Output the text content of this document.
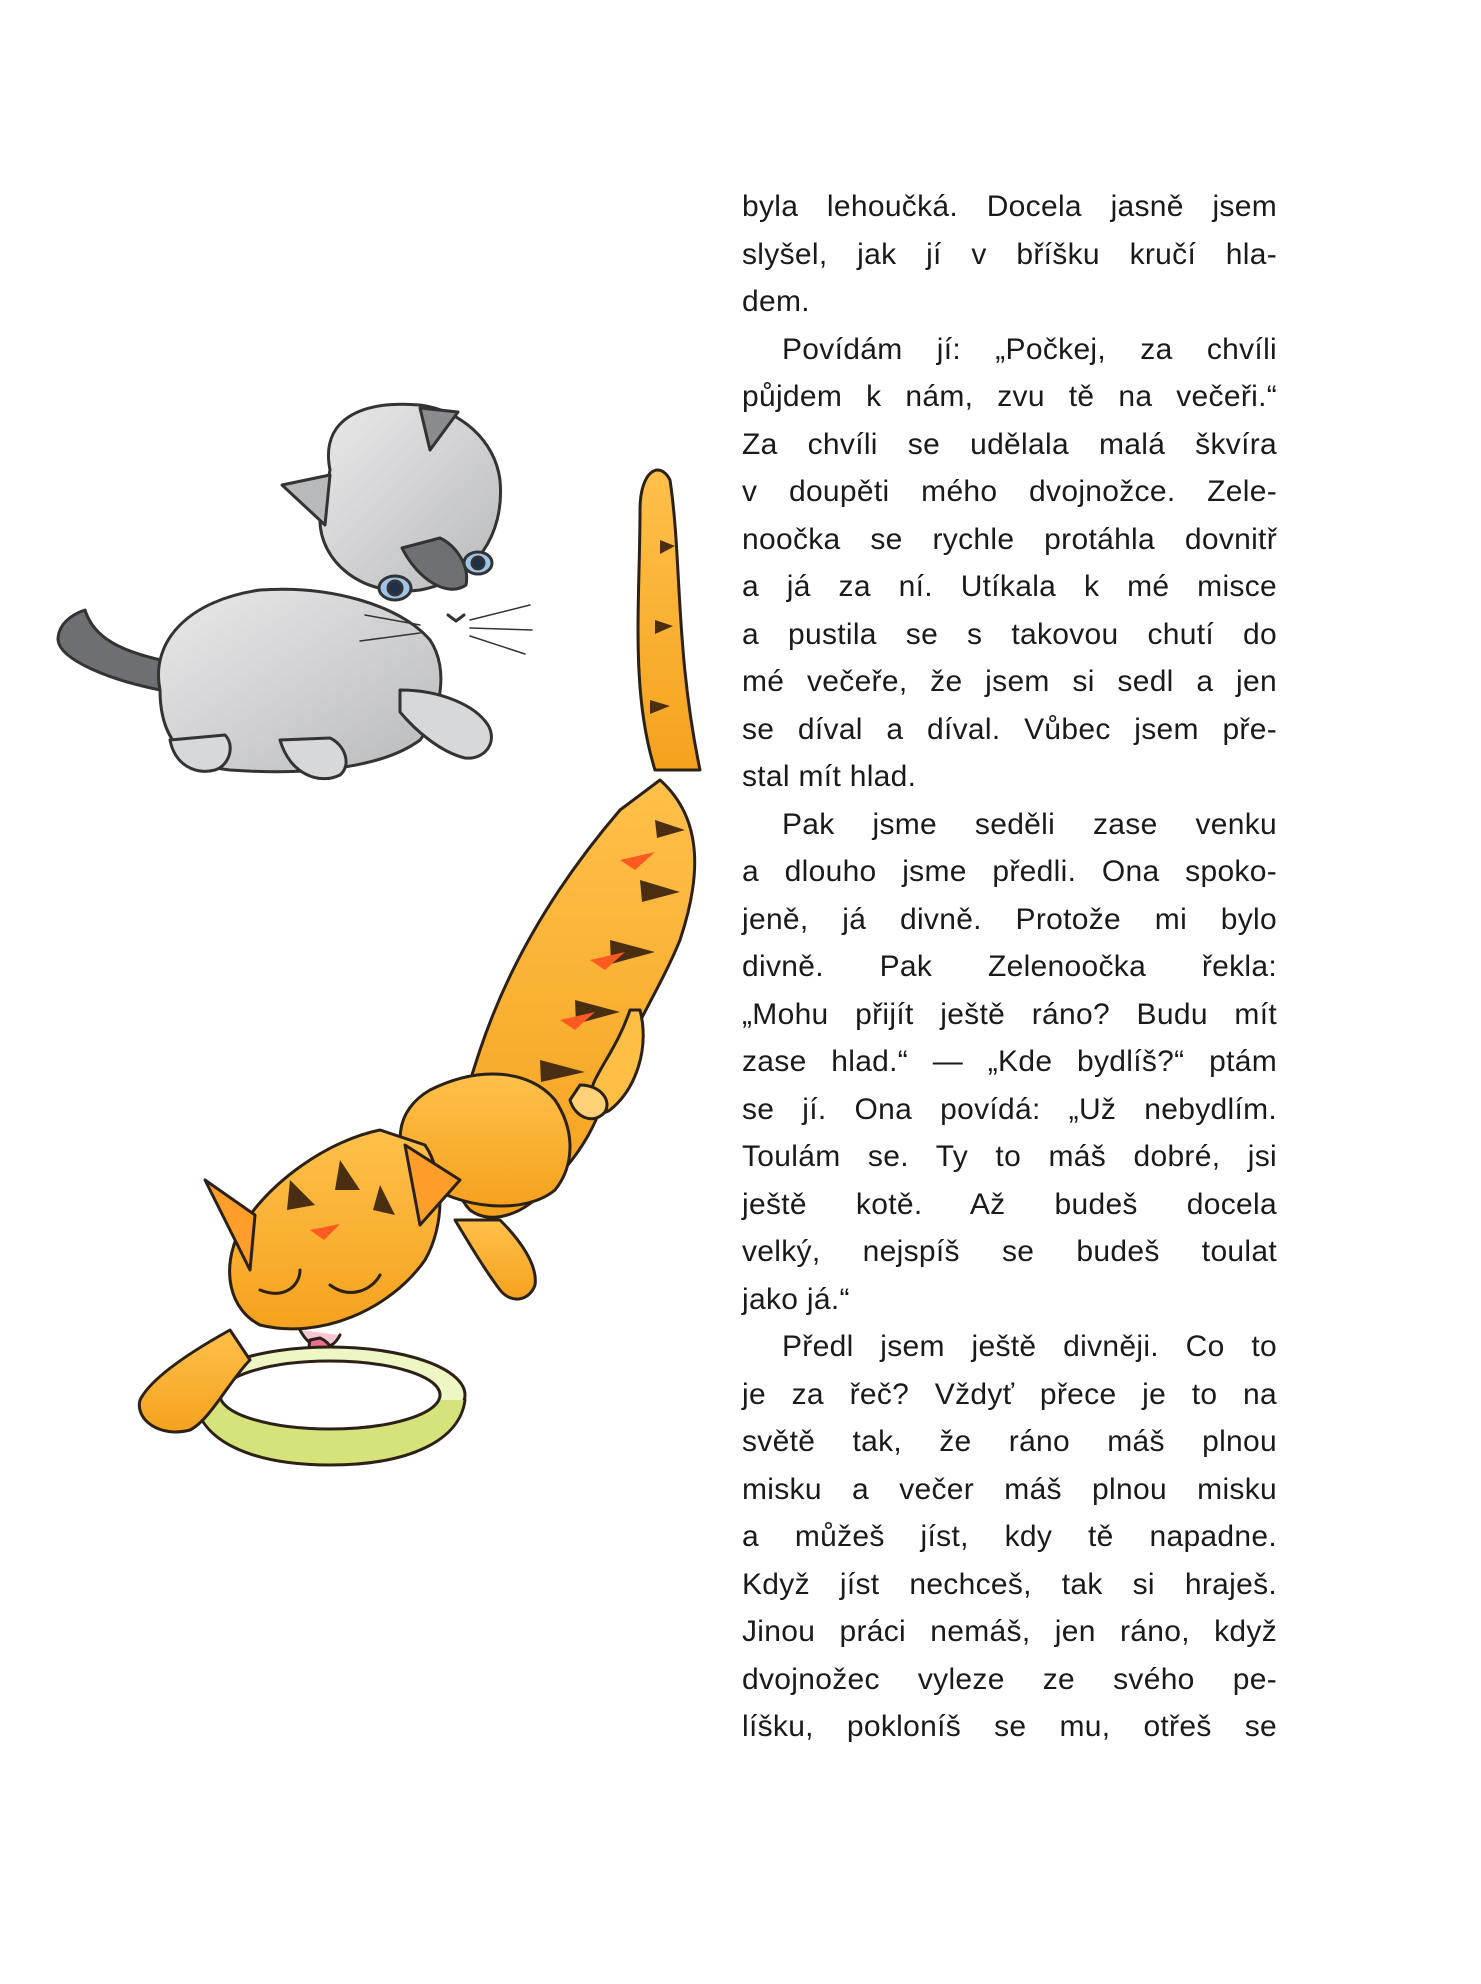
byla lehoučká. Docela jasně jsem
slyšel, jak jí v bříšku kručí hla-
dem.

Povídám jí: „Počkej, za chvíli
půjdem k nám, zvu tě na večeři.“
Za chvíli se udělala malá škvíra
v doupěti mého dvojnožce. Zele-
noočka se rychle protáhla dovnitř
a já za ní. Utíkala k mé misce
a pustila se s takovou chutí do
mé večeře, že jsem si sedl a jen
se díval a díval. Vůbec jsem pře-
stal mít hlad.

Pak jsme seděli zase venku
a dlouho jsme předli. Ona spoko-
jeně, já divně. Protože mi bylo
divně. Pak Zelenoočka řekla:
„Mohu přijít ještě ráno? Budu mít
zase hlad.“ — „Kde bydlíš?“ ptám
se jí. Ona povídá: „Už nebydlím.
Toulám se. Ty to máš dobré, jsi
ještě kotě. Až budeš docela
velký, nejspíš se budeš toulat
jako já.“

Předl jsem ještě divněji. Co to
je za řeč? Vždyť přece je to na
světě tak, že ráno máš plnou
misku a večer máš plnou misku
a můžeš jíst, kdy tě napadne.
Když jíst nechceš, tak si hraješ.
Jinou práci nemáš, jen ráno, když
dvojnožec vyleze ze svého pe-
líšku, pokloníš se mu, otřeš se
